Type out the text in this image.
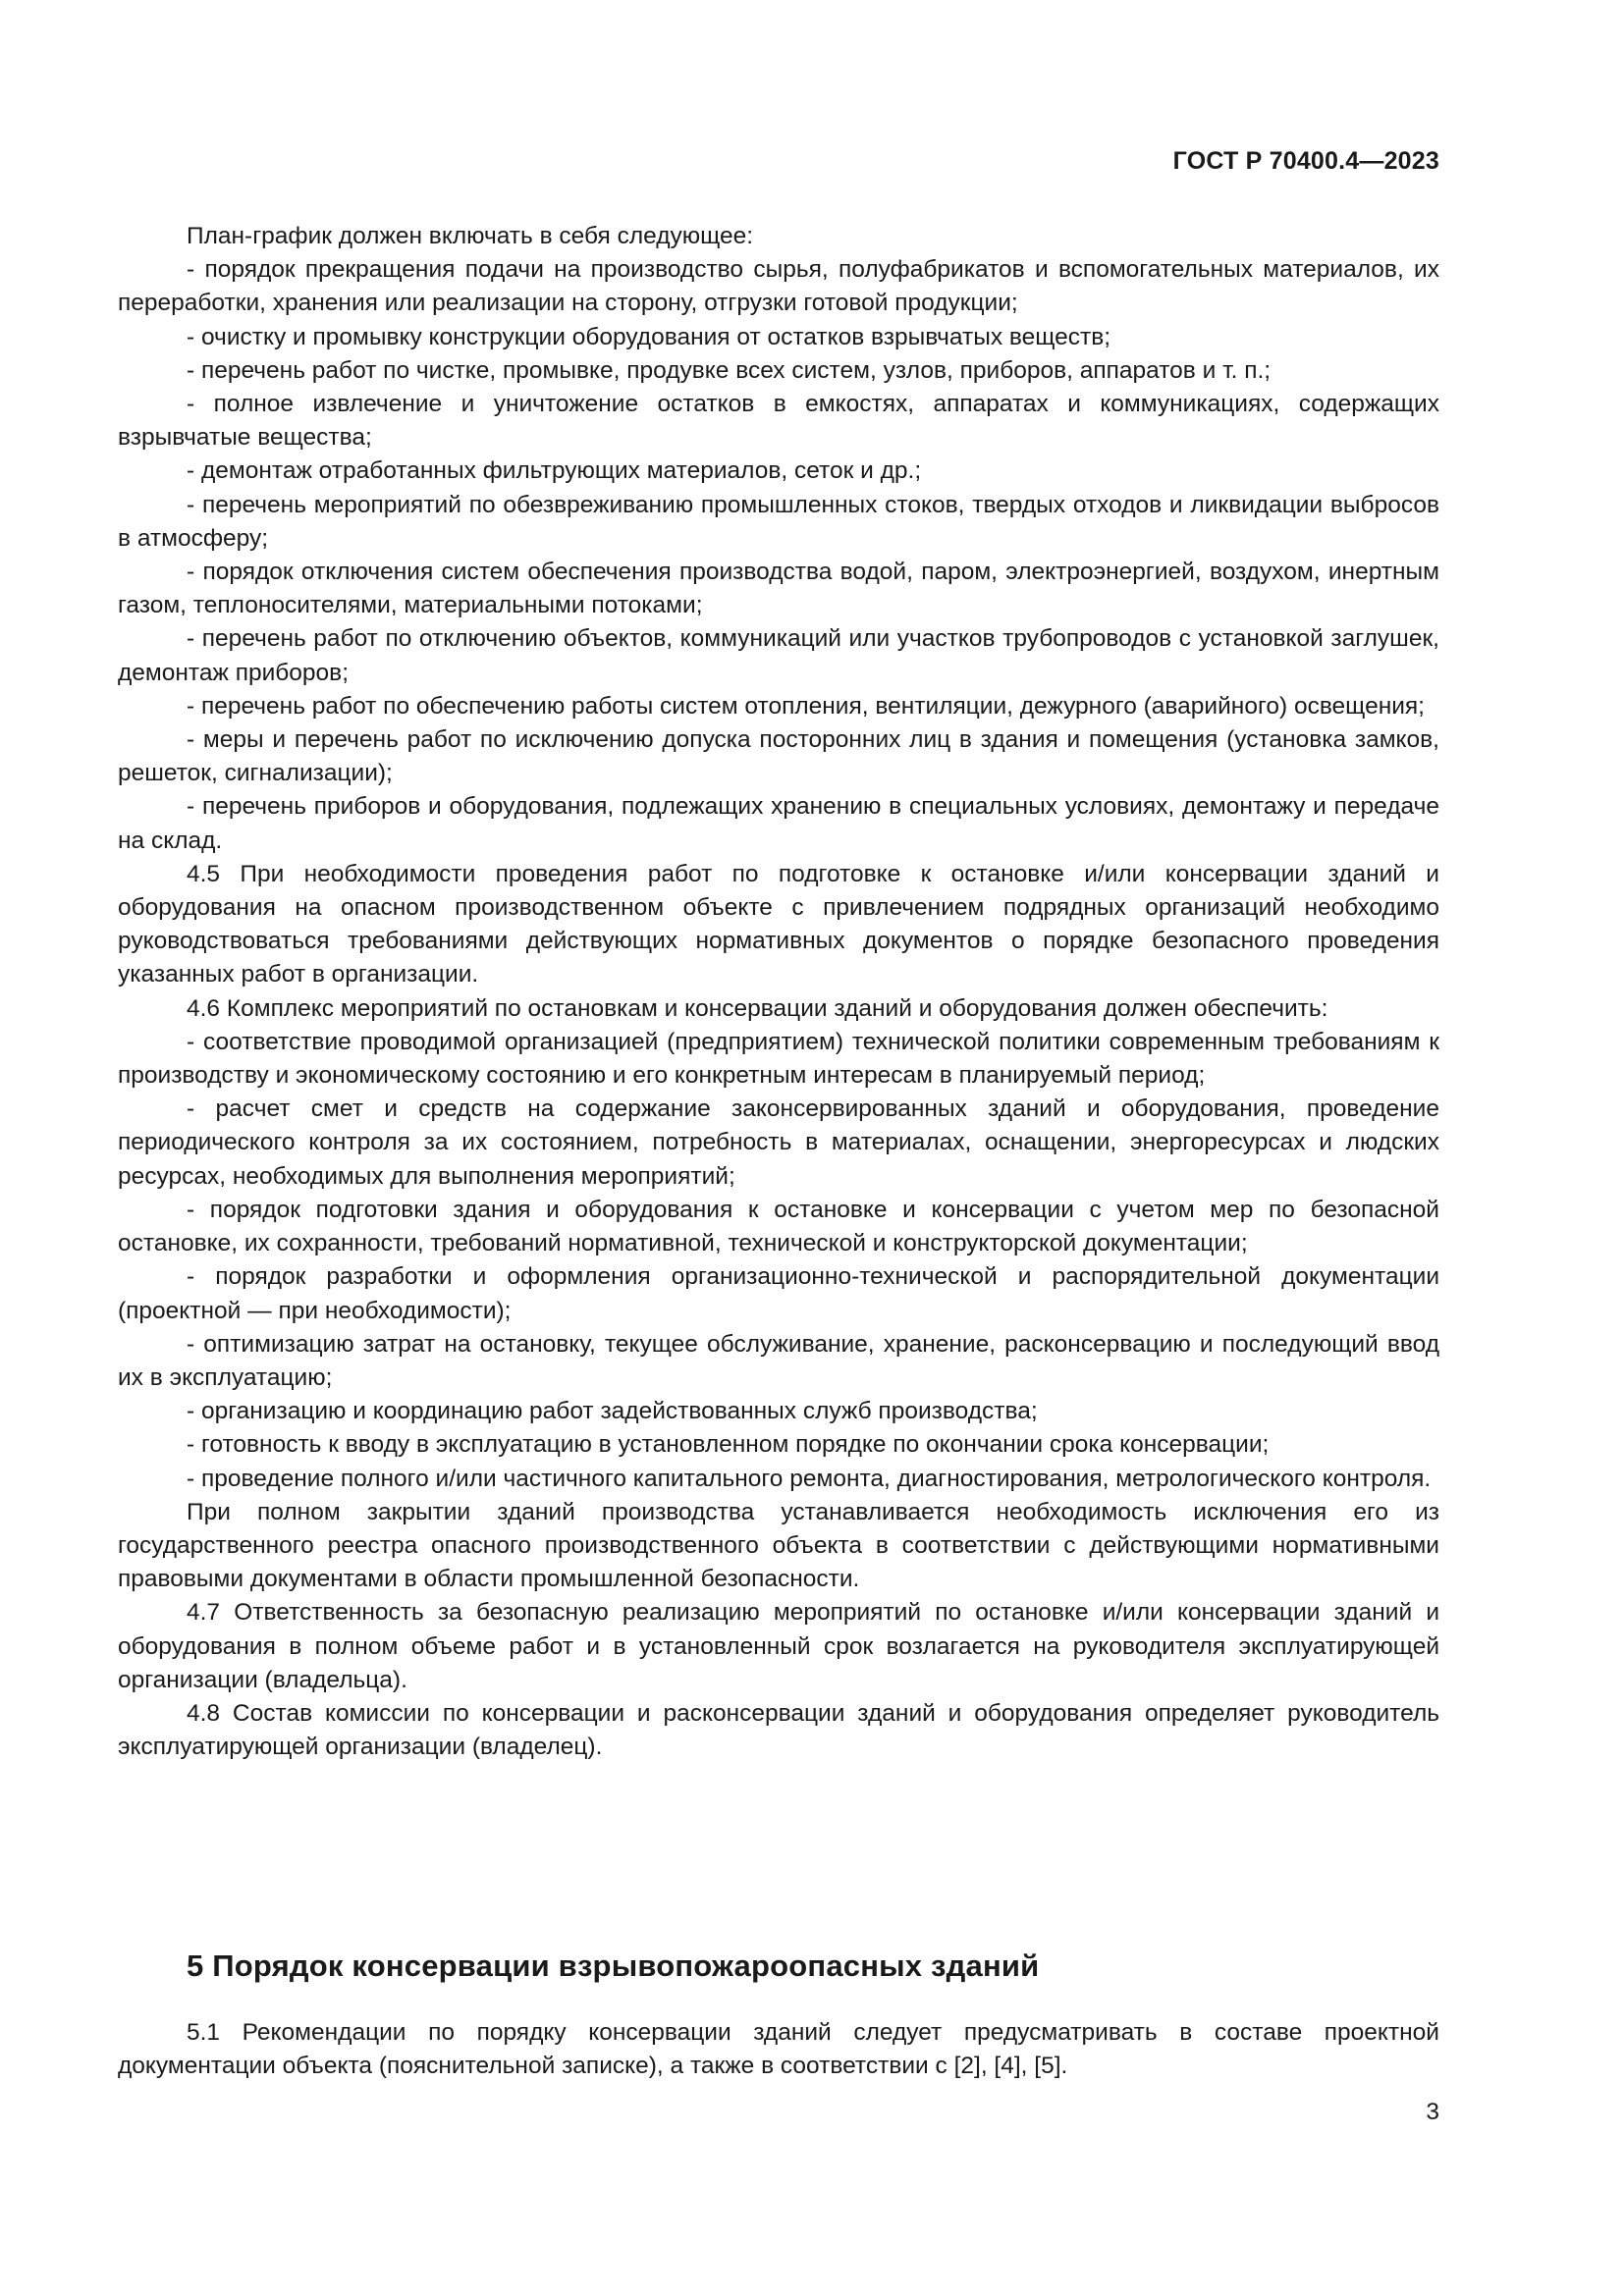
ГОСТ Р 70400.4—2023

План-график должен включать в себя следующее:

- порядок прекращения подачи на производство сырья, полуфабрикатов и вспомогательных материалов, их переработки, хранения или реализации на сторону, отгрузки готовой продукции;

- очистку и промывку конструкции оборудования от остатков взрывчатых веществ;

- перечень работ по чистке, промывке, продувке всех систем, узлов, приборов, аппаратов и т. п.;

- полное извлечение и уничтожение остатков в емкостях, аппаратах и коммуникациях, содержащих взрывчатые вещества;

- демонтаж отработанных фильтрующих материалов, сеток и др.;

- перечень мероприятий по обезвреживанию промышленных стоков, твердых отходов и ликвидации выбросов в атмосферу;

- порядок отключения систем обеспечения производства водой, паром, электроэнергией, воздухом, инертным газом, теплоносителями, материальными потоками;

- перечень работ по отключению объектов, коммуникаций или участков трубопроводов с установкой заглушек, демонтаж приборов;

- перечень работ по обеспечению работы систем отопления, вентиляции, дежурного (аварийного) освещения;

- меры и перечень работ по исключению допуска посторонних лиц в здания и помещения (установка замков, решеток, сигнализации);

- перечень приборов и оборудования, подлежащих хранению в специальных условиях, демонтажу и передаче на склад.

4.5 При необходимости проведения работ по подготовке к остановке и/или консервации зданий и оборудования на опасном производственном объекте с привлечением подрядных организаций необходимо руководствоваться требованиями действующих нормативных документов о порядке безопасного проведения указанных работ в организации.

4.6 Комплекс мероприятий по остановкам и консервации зданий и оборудования должен обеспечить:

- соответствие проводимой организацией (предприятием) технической политики современным требованиям к производству и экономическому состоянию и его конкретным интересам в планируемый период;

- расчет смет и средств на содержание законсервированных зданий и оборудования, проведение периодического контроля за их состоянием, потребность в материалах, оснащении, энергоресурсах и людских ресурсах, необходимых для выполнения мероприятий;

- порядок подготовки здания и оборудования к остановке и консервации с учетом мер по безопасной остановке, их сохранности, требований нормативной, технической и конструкторской документации;

- порядок разработки и оформления организационно-технической и распорядительной документации (проектной — при необходимости);

- оптимизацию затрат на остановку, текущее обслуживание, хранение, расконсервацию и последующий ввод их в эксплуатацию;

- организацию и координацию работ задействованных служб производства;

- готовность к вводу в эксплуатацию в установленном порядке по окончании срока консервации;

- проведение полного и/или частичного капитального ремонта, диагностирования, метрологического контроля.

При полном закрытии зданий производства устанавливается необходимость исключения его из государственного реестра опасного производственного объекта в соответствии с действующими нормативными правовыми документами в области промышленной безопасности.

4.7 Ответственность за безопасную реализацию мероприятий по остановке и/или консервации зданий и оборудования в полном объеме работ и в установленный срок возлагается на руководителя эксплуатирующей организации (владельца).

4.8 Состав комиссии по консервации и расконсервации зданий и оборудования определяет руководитель эксплуатирующей организации (владелец).

5 Порядок консервации взрывопожароопасных зданий

5.1 Рекомендации по порядку консервации зданий следует предусматривать в составе проектной документации объекта (пояснительной записке), а также в соответствии с [2], [4], [5].

3
